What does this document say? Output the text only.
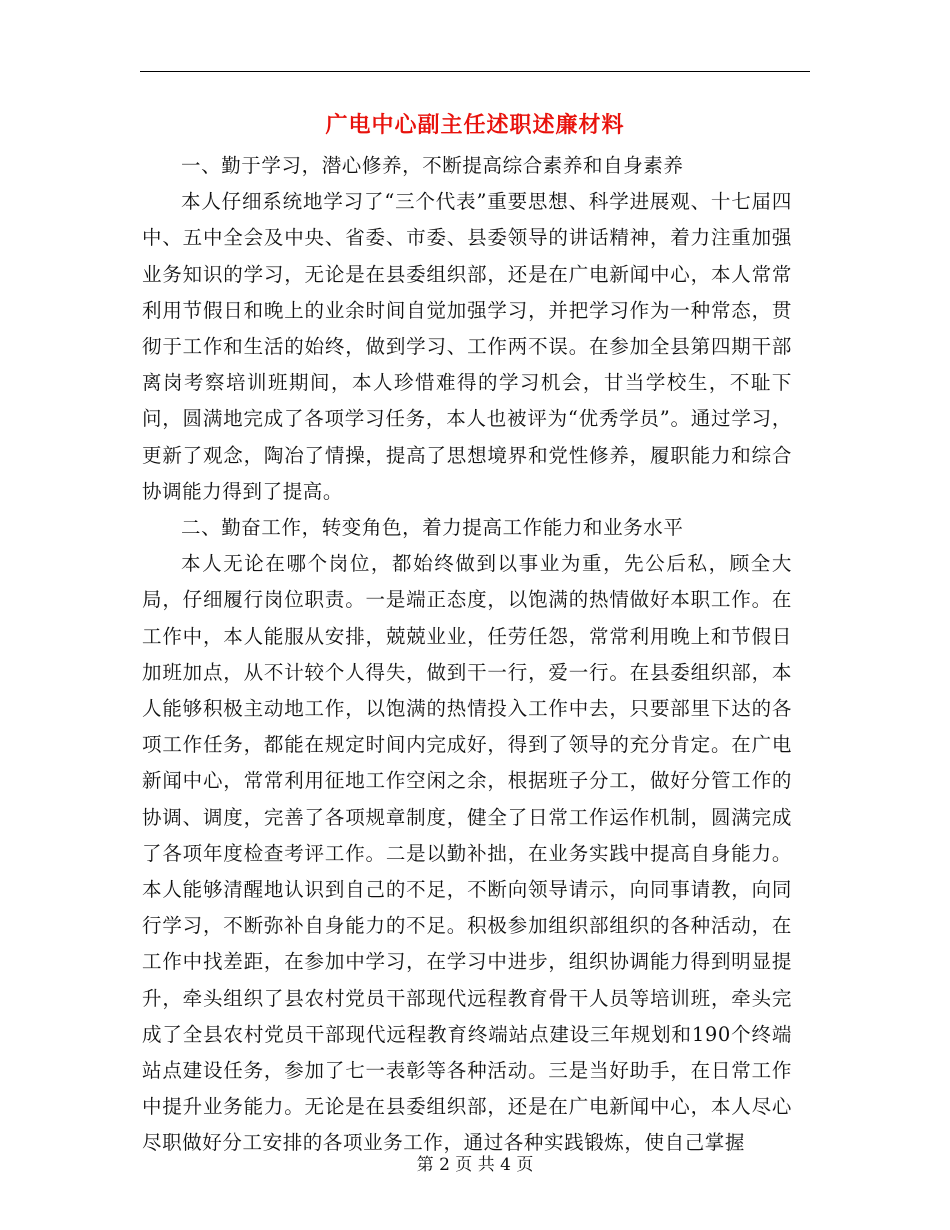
广电中心副主任述职述廉材料

一、勤于学习，潜心修养，不断提高综合素养和自身素养

本人仔细系统地学习了“三个代表”重要思想、科学进展观、十七届四中、五中全会及中央、省委、市委、县委领导的讲话精神，着力注重加强业务知识的学习，无论是在县委组织部，还是在广电新闻中心，本人常常利用节假日和晚上的业余时间自觉加强学习，并把学习作为一种常态，贯彻于工作和生活的始终，做到学习、工作两不误。在参加全县第四期干部离岗考察培训班期间，本人珍惜难得的学习机会，甘当学校生，不耻下问，圆满地完成了各项学习任务，本人也被评为“优秀学员”。通过学习，更新了观念，陶冶了情操，提高了思想境界和党性修养，履职能力和综合协调能力得到了提高。

二、勤奋工作，转变角色，着力提高工作能力和业务水平

本人无论在哪个岗位，都始终做到以事业为重，先公后私，顾全大局，仔细履行岗位职责。一是端正态度，以饱满的热情做好本职工作。在工作中，本人能服从安排，兢兢业业，任劳任怨，常常利用晚上和节假日加班加点，从不计较个人得失，做到干一行，爱一行。在县委组织部，本人能够积极主动地工作，以饱满的热情投入工作中去，只要部里下达的各项工作任务，都能在规定时间内完成好，得到了领导的充分肯定。在广电新闻中心，常常利用征地工作空闲之余，根据班子分工，做好分管工作的协调、调度，完善了各项规章制度，健全了日常工作运作机制，圆满完成了各项年度检查考评工作。二是以勤补拙，在业务实践中提高自身能力。本人能够清醒地认识到自己的不足，不断向领导请示，向同事请教，向同行学习，不断弥补自身能力的不足。积极参加组织部组织的各种活动，在工作中找差距，在参加中学习，在学习中进步，组织协调能力得到明显提升，牵头组织了县农村党员干部现代远程教育骨干人员等培训班，牵头完成了全县农村党员干部现代远程教育终端站点建设三年规划和190个终端站点建设任务，参加了七一表彰等各种活动。三是当好助手，在日常工作中提升业务能力。无论是在县委组织部，还是在广电新闻中心，本人尽心尽职做好分工安排的各项业务工作，通过各种实践锻炼，使自己掌握

第 2 页 共 4 页
